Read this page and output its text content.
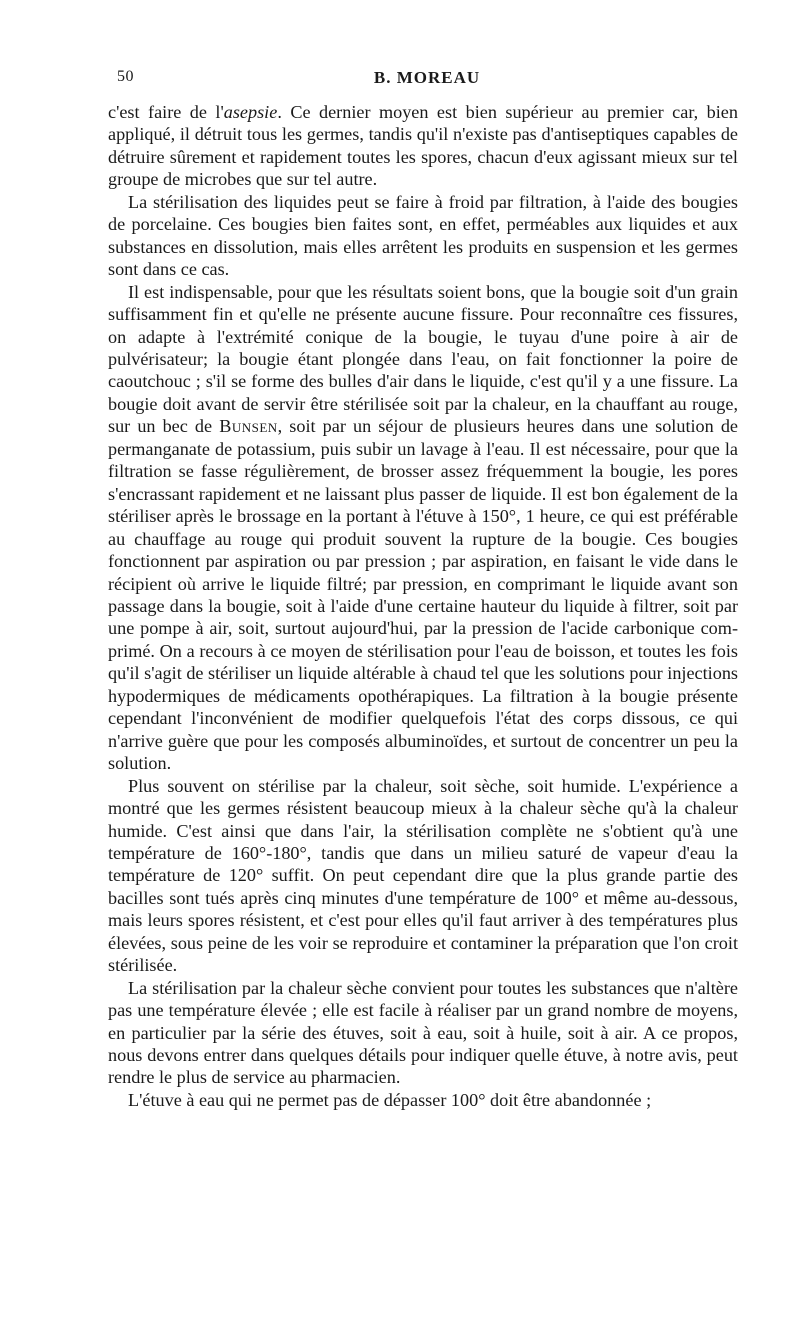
50	B. MOREAU

c'est faire de l'asepsie. Ce dernier moyen est bien supérieur au premier car, bien appliqué, il détruit tous les germes, tandis qu'il n'existe pas d'antiseptiques capables de détruire sûrement et rapidement toutes les spores, chacun d'eux agissant mieux sur tel groupe de microbes que sur tel autre.

La stérilisation des liquides peut se faire à froid par filtration, à l'aide des bougies de porcelaine. Ces bougies bien faites sont, en effet, perméables aux liquides et aux substances en dissolution, mais elles arrêtent les produits en suspension et les germes sont dans ce cas.

Il est indispensable, pour que les résultats soient bons, que la bougie soit d'un grain suffisamment fin et qu'elle ne présente aucune fissure. Pour reconnaître ces fissures, on adapte à l'extrémité conique de la bougie, le tuyau d'une poire à air de pulvérisateur; la bougie étant plongée dans l'eau, on fait fonctionner la poire de caoutchouc ; s'il se forme des bulles d'air dans le liquide, c'est qu'il y a une fissure. La bougie doit avant de servir être stérilisée soit par la chaleur, en la chauffant au rouge, sur un bec de Bunsen, soit par un séjour de plusieurs heures dans une solution de permanganate de potassium, puis subir un lavage à l'eau. Il est nécessaire, pour que la filtration se fasse régulièrement, de brosser assez fréquemment la bougie, les pores s'encrassant rapidement et ne laissant plus passer de liquide. Il est bon également de la stériliser après le brossage en la portant à l'étuve à 150°, 1 heure, ce qui est préférable au chauffage au rouge qui produit souvent la rupture de la bougie. Ces bougies fonctionnent par aspiration ou par pression ; par aspiration, en faisant le vide dans le récipient où arrive le liquide filtré; par pression, en comprimant le liquide avant son passage dans la bougie, soit à l'aide d'une certaine hauteur du liquide à filtrer, soit par une pompe à air, soit, surtout aujourd'hui, par la pression de l'acide carbonique comprimé. On a recours à ce moyen de stérilisation pour l'eau de boisson, et toutes les fois qu'il s'agit de stériliser un liquide altérable à chaud tel que les solutions pour injections hypodermiques de médicaments opothérapiques. La filtration à la bougie présente cependant l'inconvénient de modifier quelquefois l'état des corps dissous, ce qui n'arrive guère que pour les composés albuminoïdes, et surtout de concentrer un peu la solution.

Plus souvent on stérilise par la chaleur, soit sèche, soit humide. L'expérience a montré que les germes résistent beaucoup mieux à la chaleur sèche qu'à la chaleur humide. C'est ainsi que dans l'air, la stérilisation complète ne s'obtient qu'à une température de 160°-180°, tandis que dans un milieu saturé de vapeur d'eau la température de 120° suffit. On peut cependant dire que la plus grande partie des bacilles sont tués après cinq minutes d'une température de 100° et même au-dessous, mais leurs spores résistent, et c'est pour elles qu'il faut arriver à des températures plus élevées, sous peine de les voir se reproduire et contaminer la préparation que l'on croit stérilisée.

La stérilisation par la chaleur sèche convient pour toutes les substances que n'altère pas une température élevée ; elle est facile à réaliser par un grand nombre de moyens, en particulier par la série des étuves, soit à eau, soit à huile, soit à air. A ce propos, nous devons entrer dans quelques détails pour indiquer quelle étuve, à notre avis, peut rendre le plus de service au pharmacien.

L'étuve à eau qui ne permet pas de dépasser 100° doit être abandonnée ;
